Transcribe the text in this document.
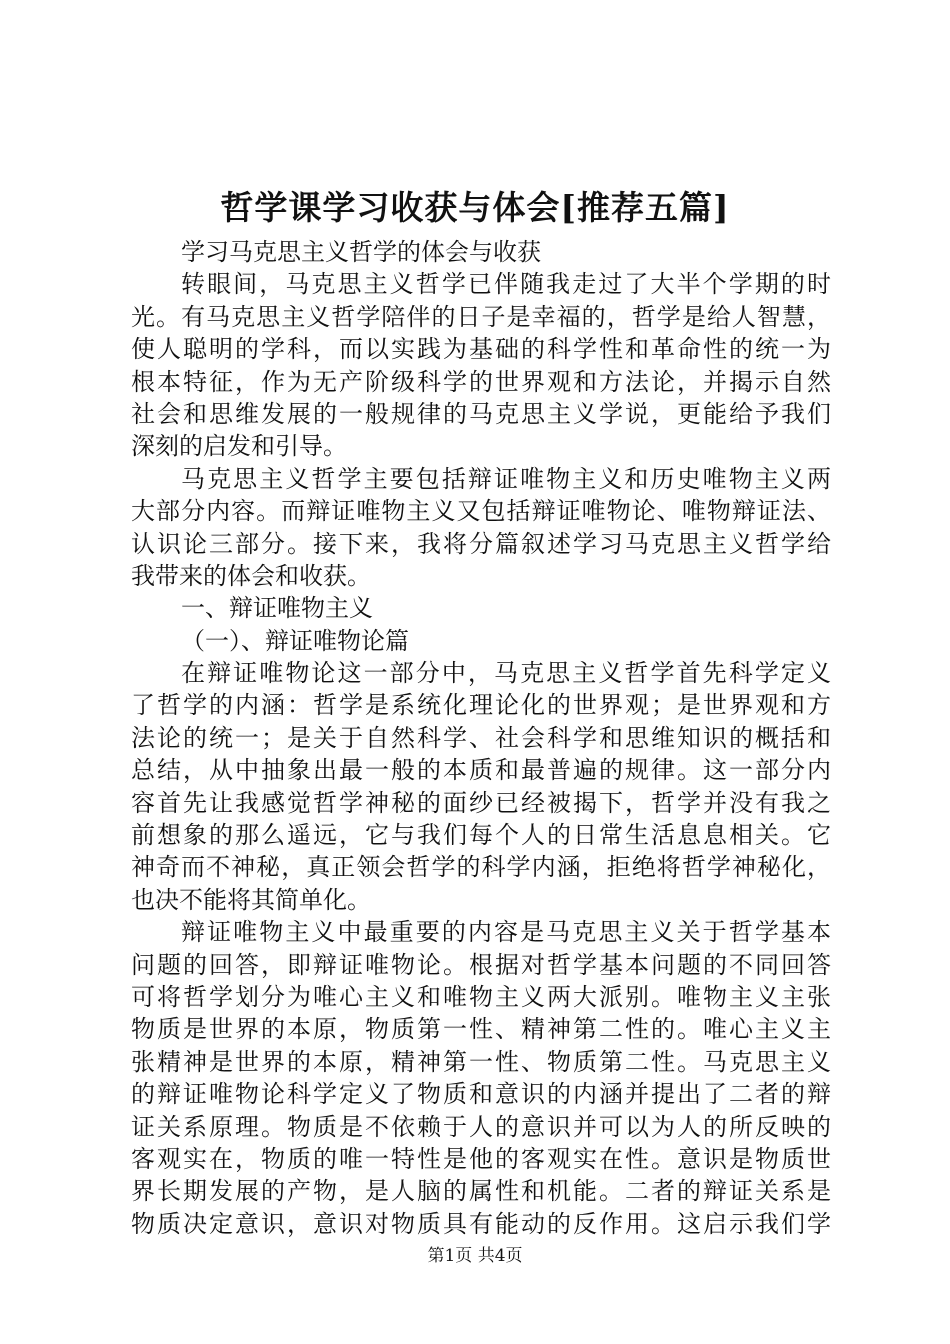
哲学课学习收获与体会[推荐五篇]
学习马克思主义哲学的体会与收获
转眼间，马克思主义哲学已伴随我走过了大半个学期的时
光。有马克思主义哲学陪伴的日子是幸福的，哲学是给人智慧，
使人聪明的学科，而以实践为基础的科学性和革命性的统一为
根本特征，作为无产阶级科学的世界观和方法论，并揭示自然
社会和思维发展的一般规律的马克思主义学说，更能给予我们
深刻的启发和引导。
马克思主义哲学主要包括辩证唯物主义和历史唯物主义两
大部分内容。而辩证唯物主义又包括辩证唯物论、唯物辩证法、
认识论三部分。接下来，我将分篇叙述学习马克思主义哲学给
我带来的体会和收获。
一、辩证唯物主义
（一）、辩证唯物论篇
在辩证唯物论这一部分中，马克思主义哲学首先科学定义
了哲学的内涵：哲学是系统化理论化的世界观；是世界观和方
法论的统一；是关于自然科学、社会科学和思维知识的概括和
总结，从中抽象出最一般的本质和最普遍的规律。这一部分内
容首先让我感觉哲学神秘的面纱已经被揭下，哲学并没有我之
前想象的那么遥远，它与我们每个人的日常生活息息相关。它
神奇而不神秘，真正领会哲学的科学内涵，拒绝将哲学神秘化，
也决不能将其简单化。
辩证唯物主义中最重要的内容是马克思主义关于哲学基本
问题的回答，即辩证唯物论。根据对哲学基本问题的不同回答
可将哲学划分为唯心主义和唯物主义两大派别。唯物主义主张
物质是世界的本原，物质第一性、精神第二性的。唯心主义主
张精神是世界的本原，精神第一性、物质第二性。马克思主义
的辩证唯物论科学定义了物质和意识的内涵并提出了二者的辩
证关系原理。物质是不依赖于人的意识并可以为人的所反映的
客观实在，物质的唯一特性是他的客观实在性。意识是物质世
界长期发展的产物，是人脑的属性和机能。二者的辩证关系是
物质决定意识，意识对物质具有能动的反作用。这启示我们学
第1页 共4页
